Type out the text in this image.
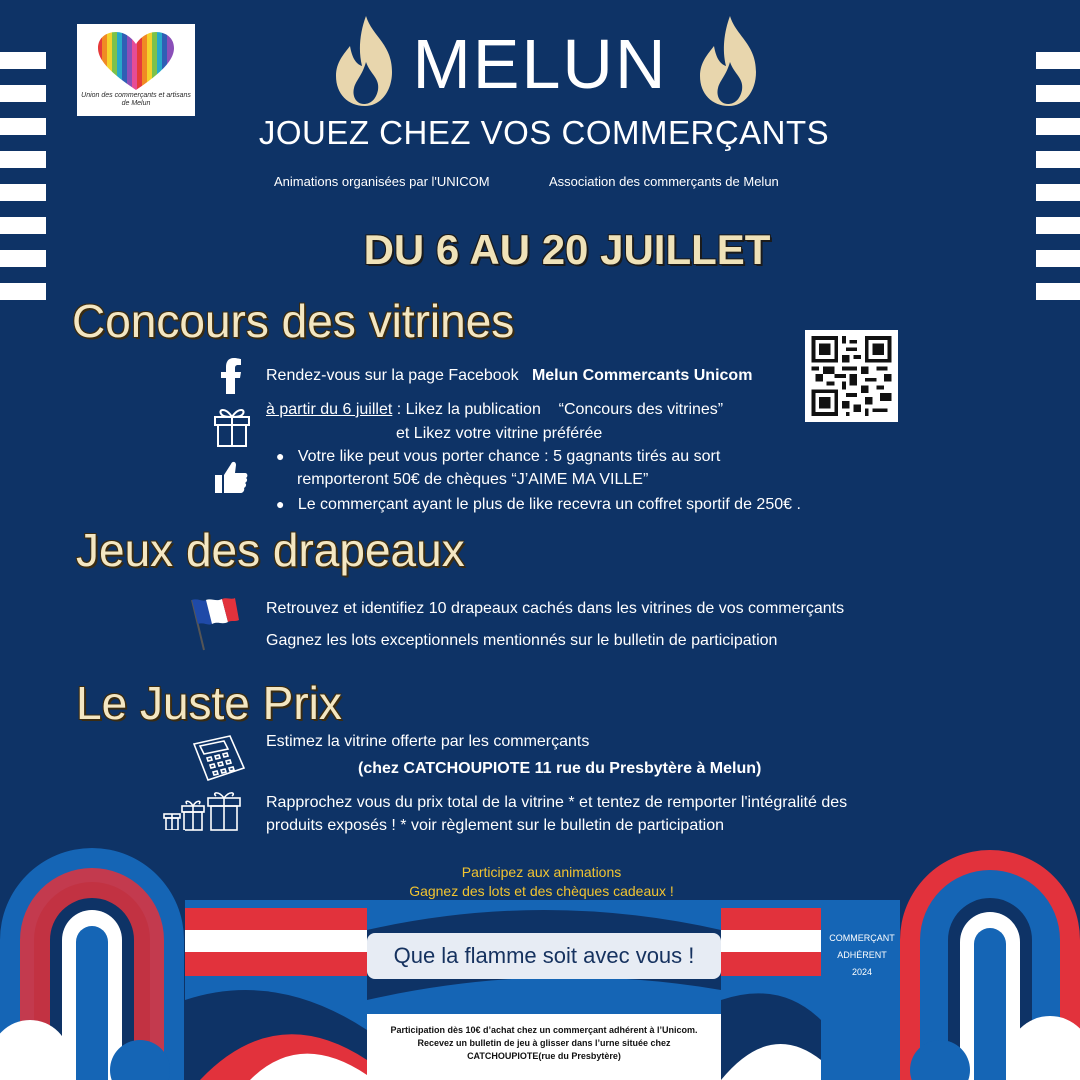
Union des commerçants et artisans de Melun
MELUN
JOUEZ CHEZ VOS COMMERÇANTS
Animations organisées par l'UNICOM	Association des commerçants de Melun
DU 6 AU 20 JUILLET
Concours des vitrines
Rendez-vous sur la page Facebook Melun Commercants Unicom
à partir du 6 juillet : Likez la publication “Concours des vitrines”
et Likez votre vitrine préférée
● Votre like peut vous porter chance : 5 gagnants tirés au sort
remporteront 50€ de chèques “J’AIME MA VILLE”
● Le commerçant ayant le plus de like recevra un coffret sportif de 250€ .
Jeux des drapeaux
Retrouvez et identifiez 10 drapeaux cachés dans les vitrines de vos commerçants
Gagnez les lots exceptionnels mentionnés sur le bulletin de participation
Le Juste Prix
Estimez la vitrine offerte par les commerçants
(chez CATCHOUPIOTE 11 rue du Presbytère à Melun)
Rapprochez vous du prix total de la vitrine * et tentez de remporter l'intégralité des
produits exposés ! * voir règlement sur le bulletin de participation
Participez aux animations
Gagnez des lots et des chèques cadeaux !
Que la flamme soit avec vous !
COMMERÇANT
ADHÉRENT
2024
Participation dès 10€ d’achat chez un commerçant adhérent à l’Unicom.
Recevez un bulletin de jeu à glisser dans l’urne située chez
CATCHOUPIOTE(rue du Presbytère)
